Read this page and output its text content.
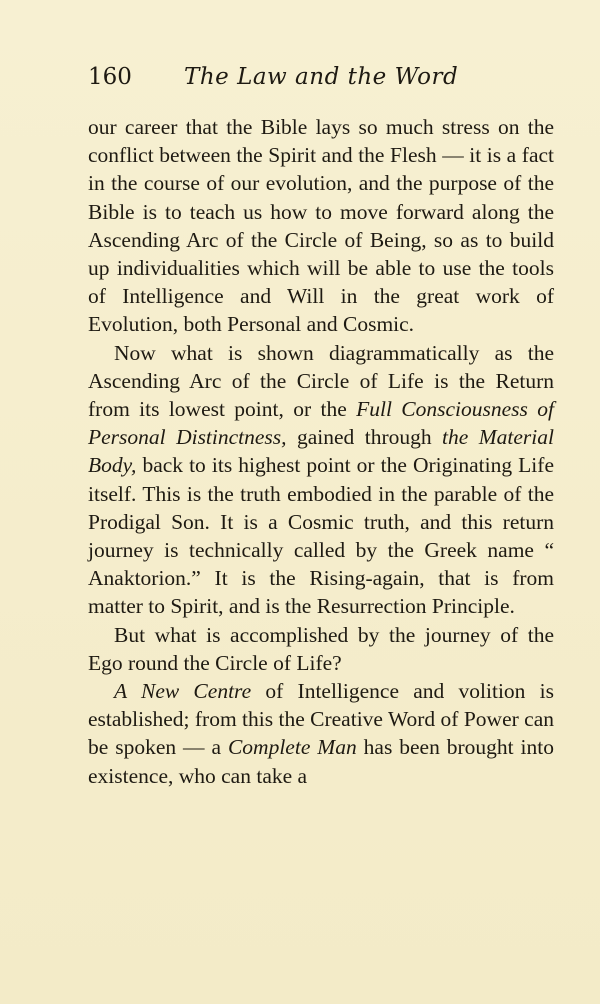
160 The Law and the Word

our career that the Bible lays so much stress on the conflict between the Spirit and the Flesh — it is a fact in the course of our evolution, and the purpose of the Bible is to teach us how to move forward along the Ascending Arc of the Circle of Being, so as to build up individualities which will be able to use the tools of Intelligence and Will in the great work of Evolution, both Personal and Cosmic.

Now what is shown diagrammatically as the Ascending Arc of the Circle of Life is the Return from its lowest point, or the Full Consciousness of Personal Distinctness, gained through the Material Body, back to its highest point or the Originating Life itself. This is the truth embodied in the parable of the Prodigal Son. It is a Cosmic truth, and this return journey is technically called by the Greek name “ Anaktorion.” It is the Rising-again, that is from matter to Spirit, and is the Resurrection Principle.

But what is accomplished by the journey of the Ego round the Circle of Life?

A New Centre of Intelligence and volition is established; from this the Creative Word of Power can be spoken — a Complete Man has been brought into existence, who can take a
